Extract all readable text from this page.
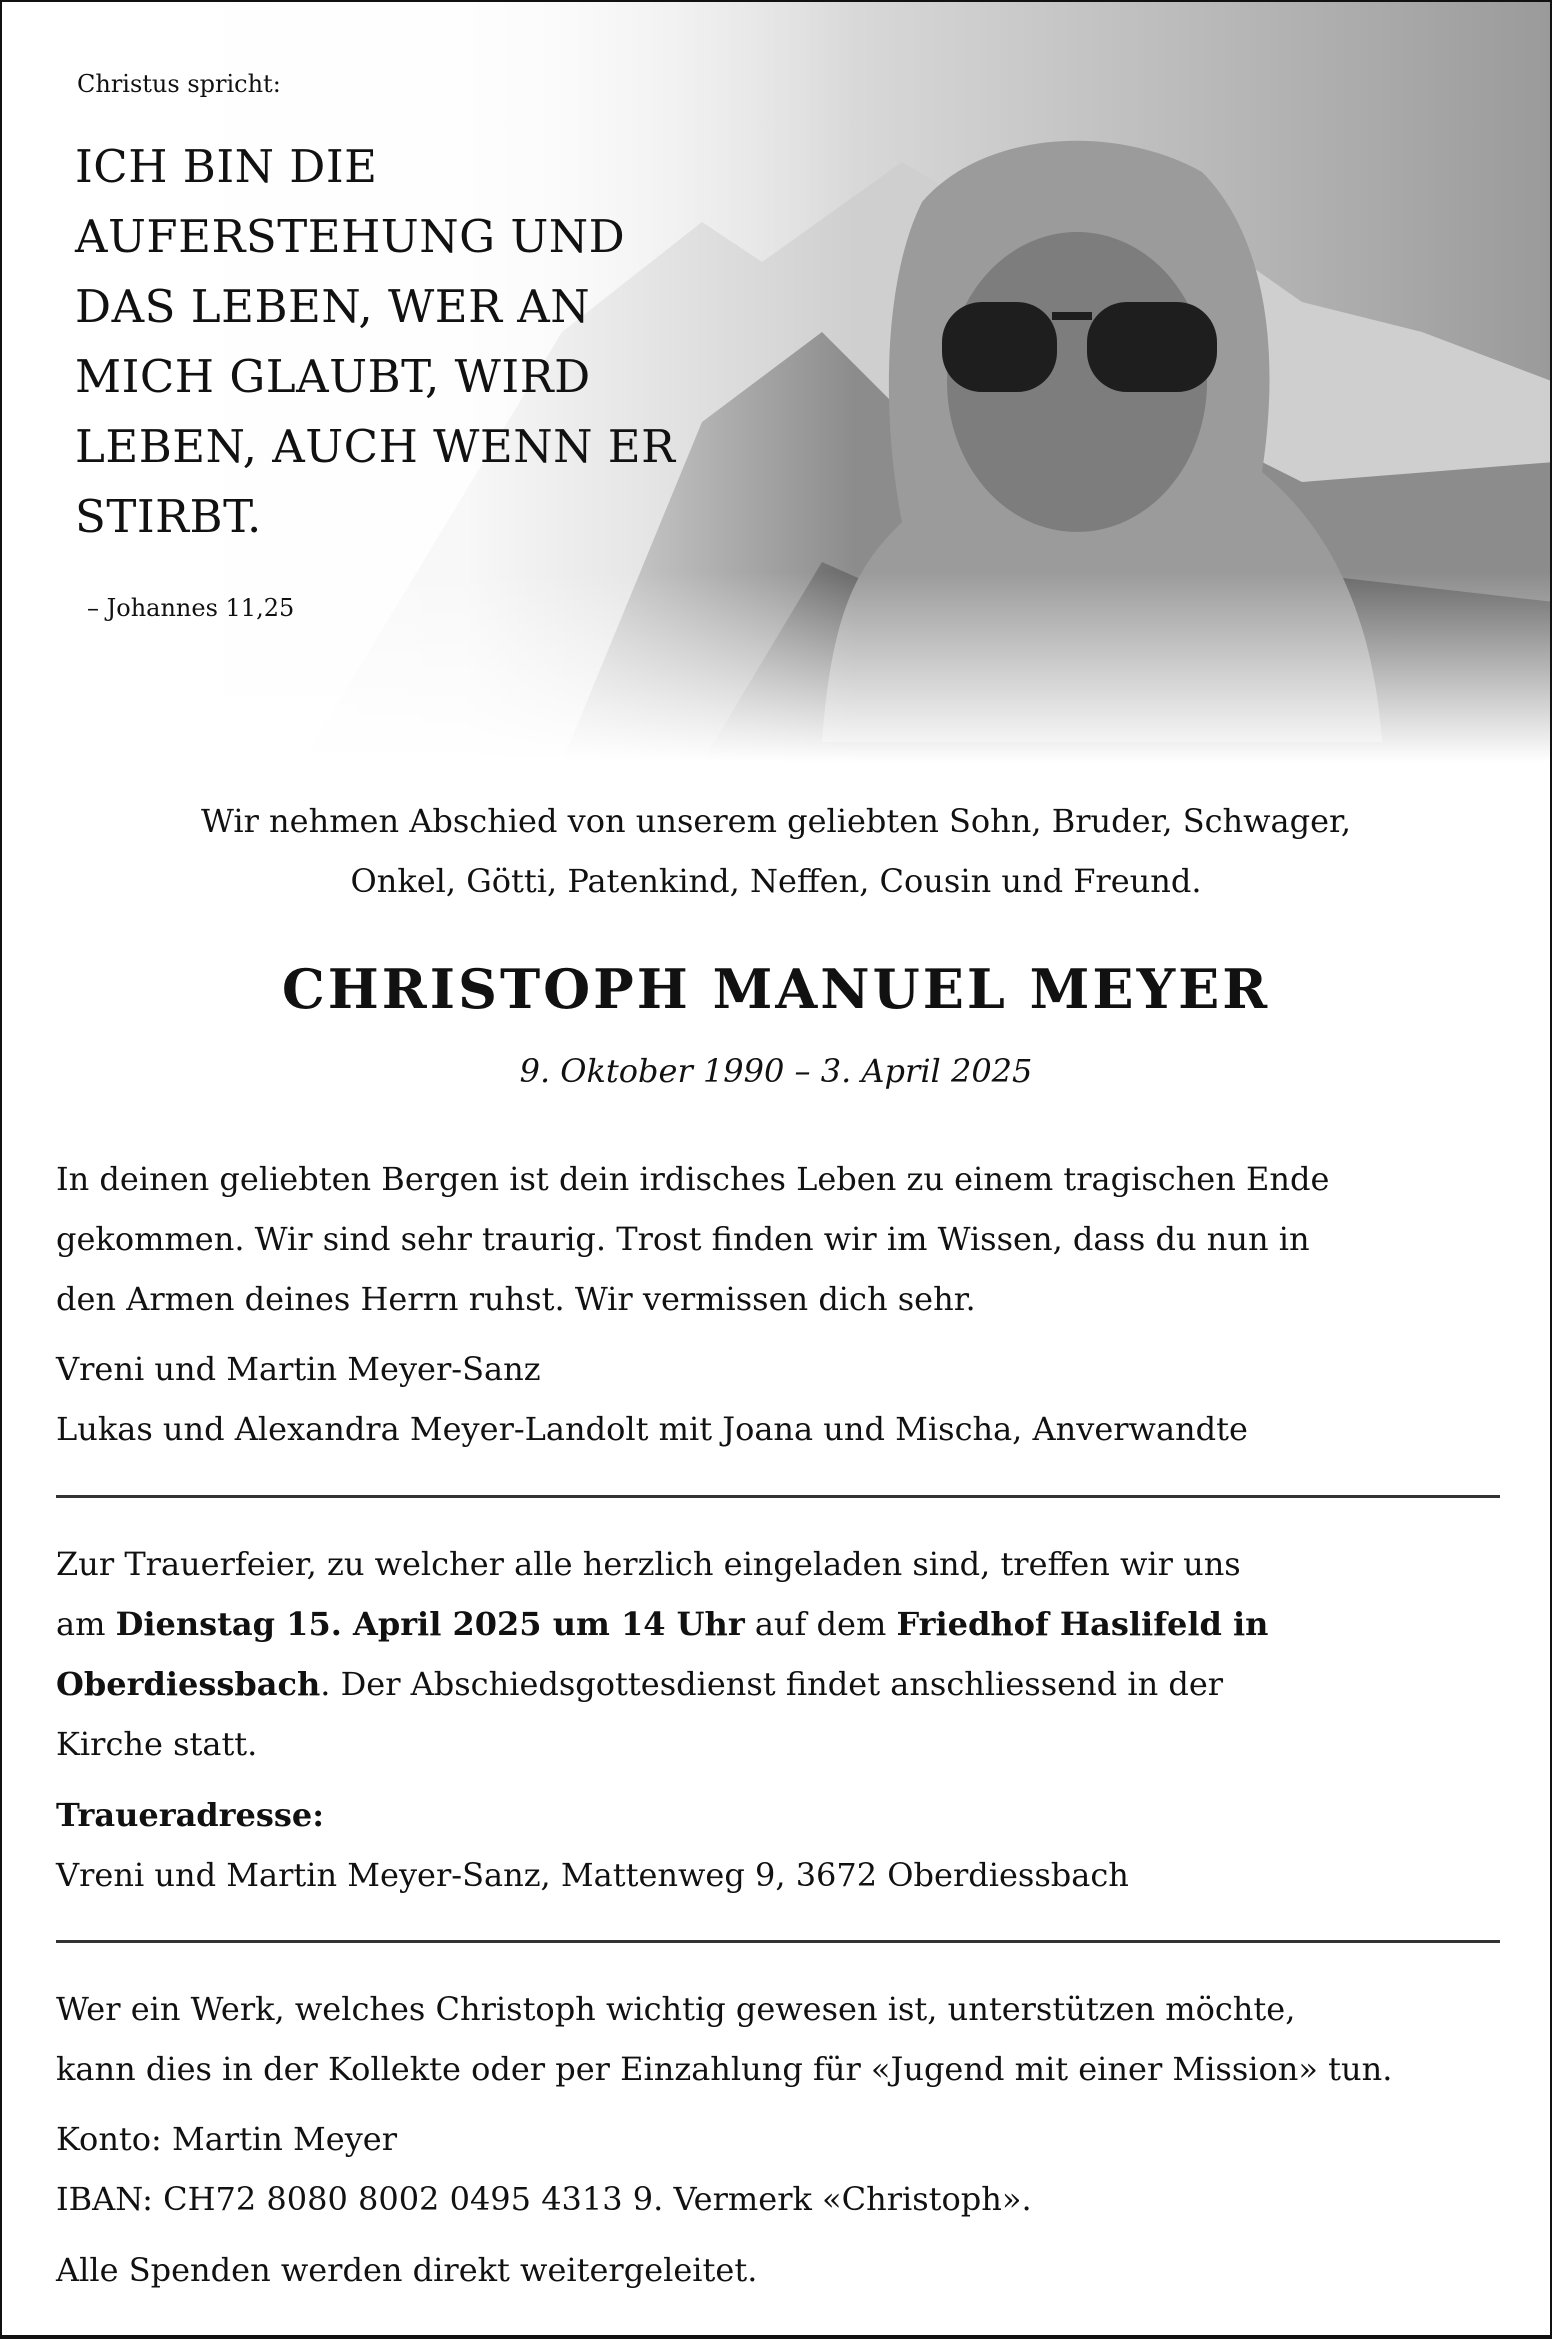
Christus spricht:
ICH BIN DIE
AUFERSTEHUNG UND
DAS LEBEN, WER AN
MICH GLAUBT, WIRD
LEBEN, AUCH WENN ER
STIRBT.
– Johannes 11,25
Wir nehmen Abschied von unserem geliebten Sohn, Bruder, Schwager,
Onkel, Götti, Patenkind, Neffen, Cousin und Freund.
CHRISTOPH MANUEL MEYER
9. Oktober 1990 – 3. April 2025
In deinen geliebten Bergen ist dein irdisches Leben zu einem tragischen Ende
gekommen. Wir sind sehr traurig. Trost finden wir im Wissen, dass du nun in
den Armen deines Herrn ruhst. Wir vermissen dich sehr.
Vreni und Martin Meyer-Sanz
Lukas und Alexandra Meyer-Landolt mit Joana und Mischa, Anverwandte
Zur Trauerfeier, zu welcher alle herzlich eingeladen sind, treffen wir uns
am Dienstag 15. April 2025 um 14 Uhr auf dem Friedhof Haslifeld in
Oberdiessbach. Der Abschiedsgottesdienst findet anschliessend in der
Kirche statt.
Traueradresse:
Vreni und Martin Meyer-Sanz, Mattenweg 9, 3672 Oberdiessbach
Wer ein Werk, welches Christoph wichtig gewesen ist, unterstützen möchte,
kann dies in der Kollekte oder per Einzahlung für «Jugend mit einer Mission» tun.
Konto: Martin Meyer
IBAN: CH72 8080 8002 0495 4313 9. Vermerk «Christoph».
Alle Spenden werden direkt weitergeleitet.
